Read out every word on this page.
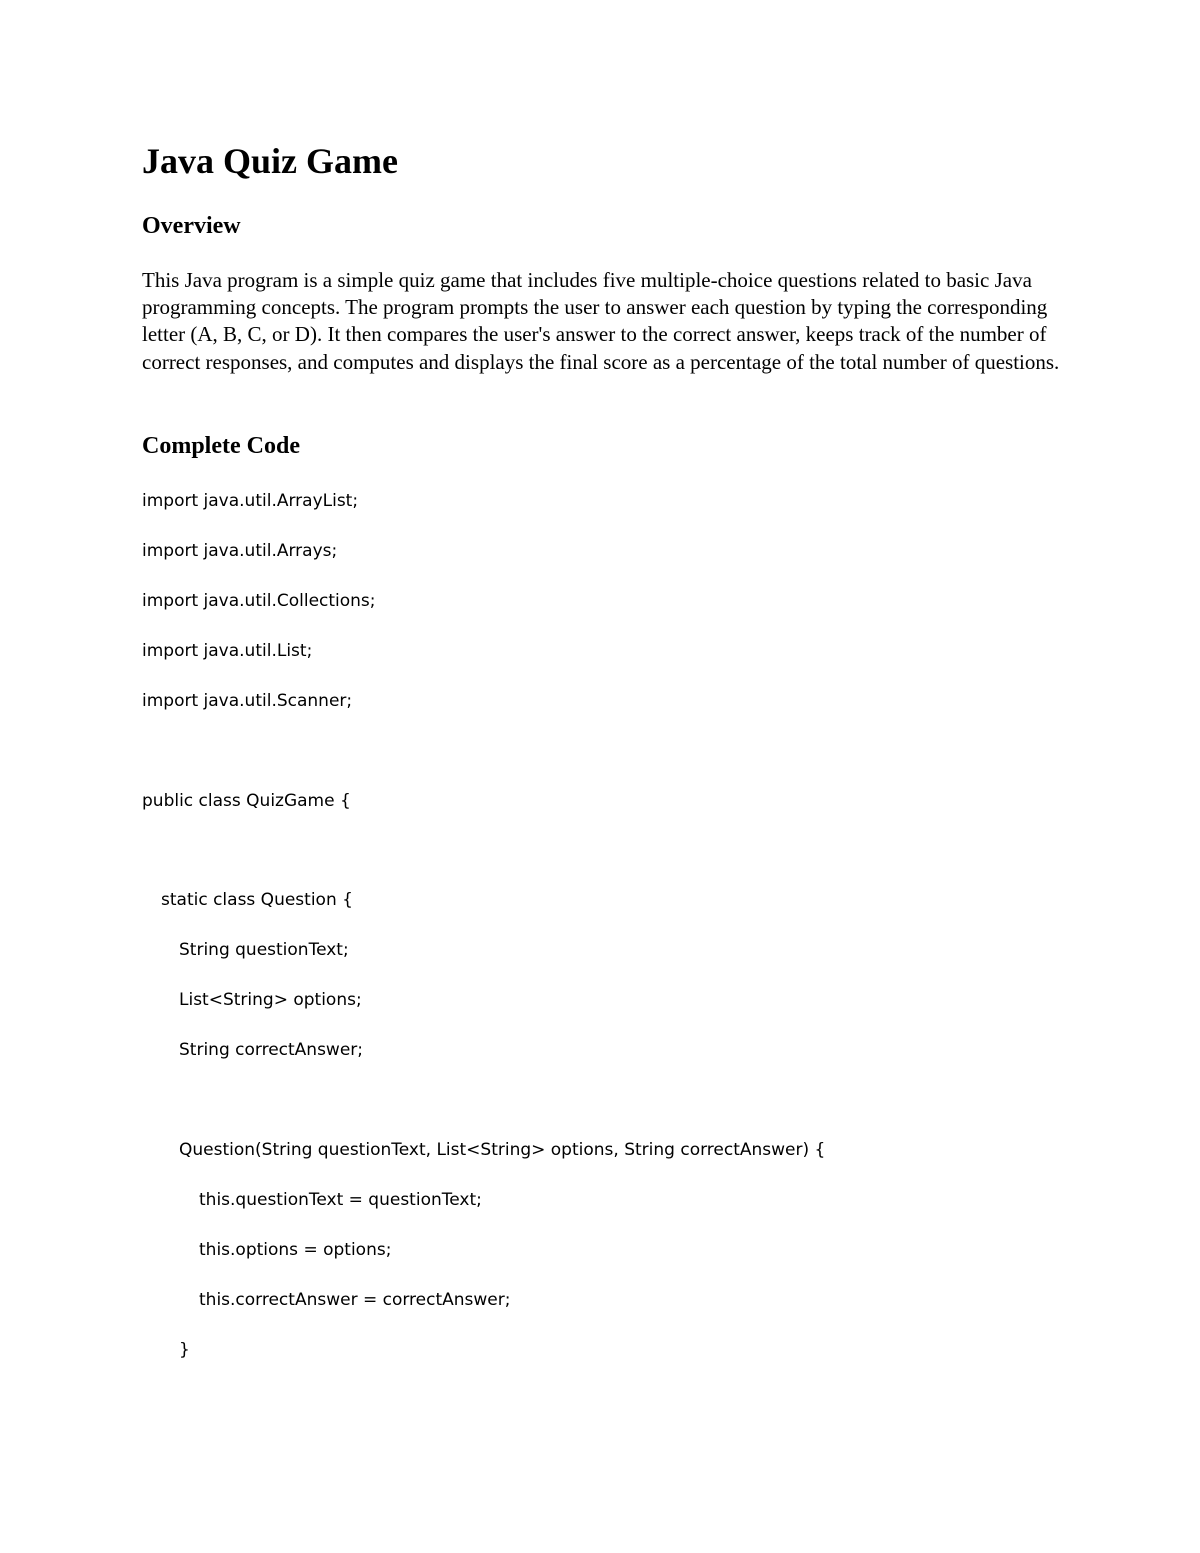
Java Quiz Game
Overview

This Java program is a simple quiz game that includes five multiple-choice questions related to basic Java programming concepts. The program prompts the user to answer each question by typing the corresponding letter (A, B, C, or D). It then compares the user's answer to the correct answer, keeps track of the number of correct responses, and computes and displays the final score as a percentage of the total number of questions.

Complete Code
import java.util.ArrayList;
import java.util.Arrays;
import java.util.Collections;
import java.util.List;
import java.util.Scanner;
public class QuizGame {
static class Question {
String questionText;
List<String> options;
String correctAnswer;
Question(String questionText, List<String> options, String correctAnswer) {
this.questionText = questionText;
this.options = options;
this.correctAnswer = correctAnswer;
}
